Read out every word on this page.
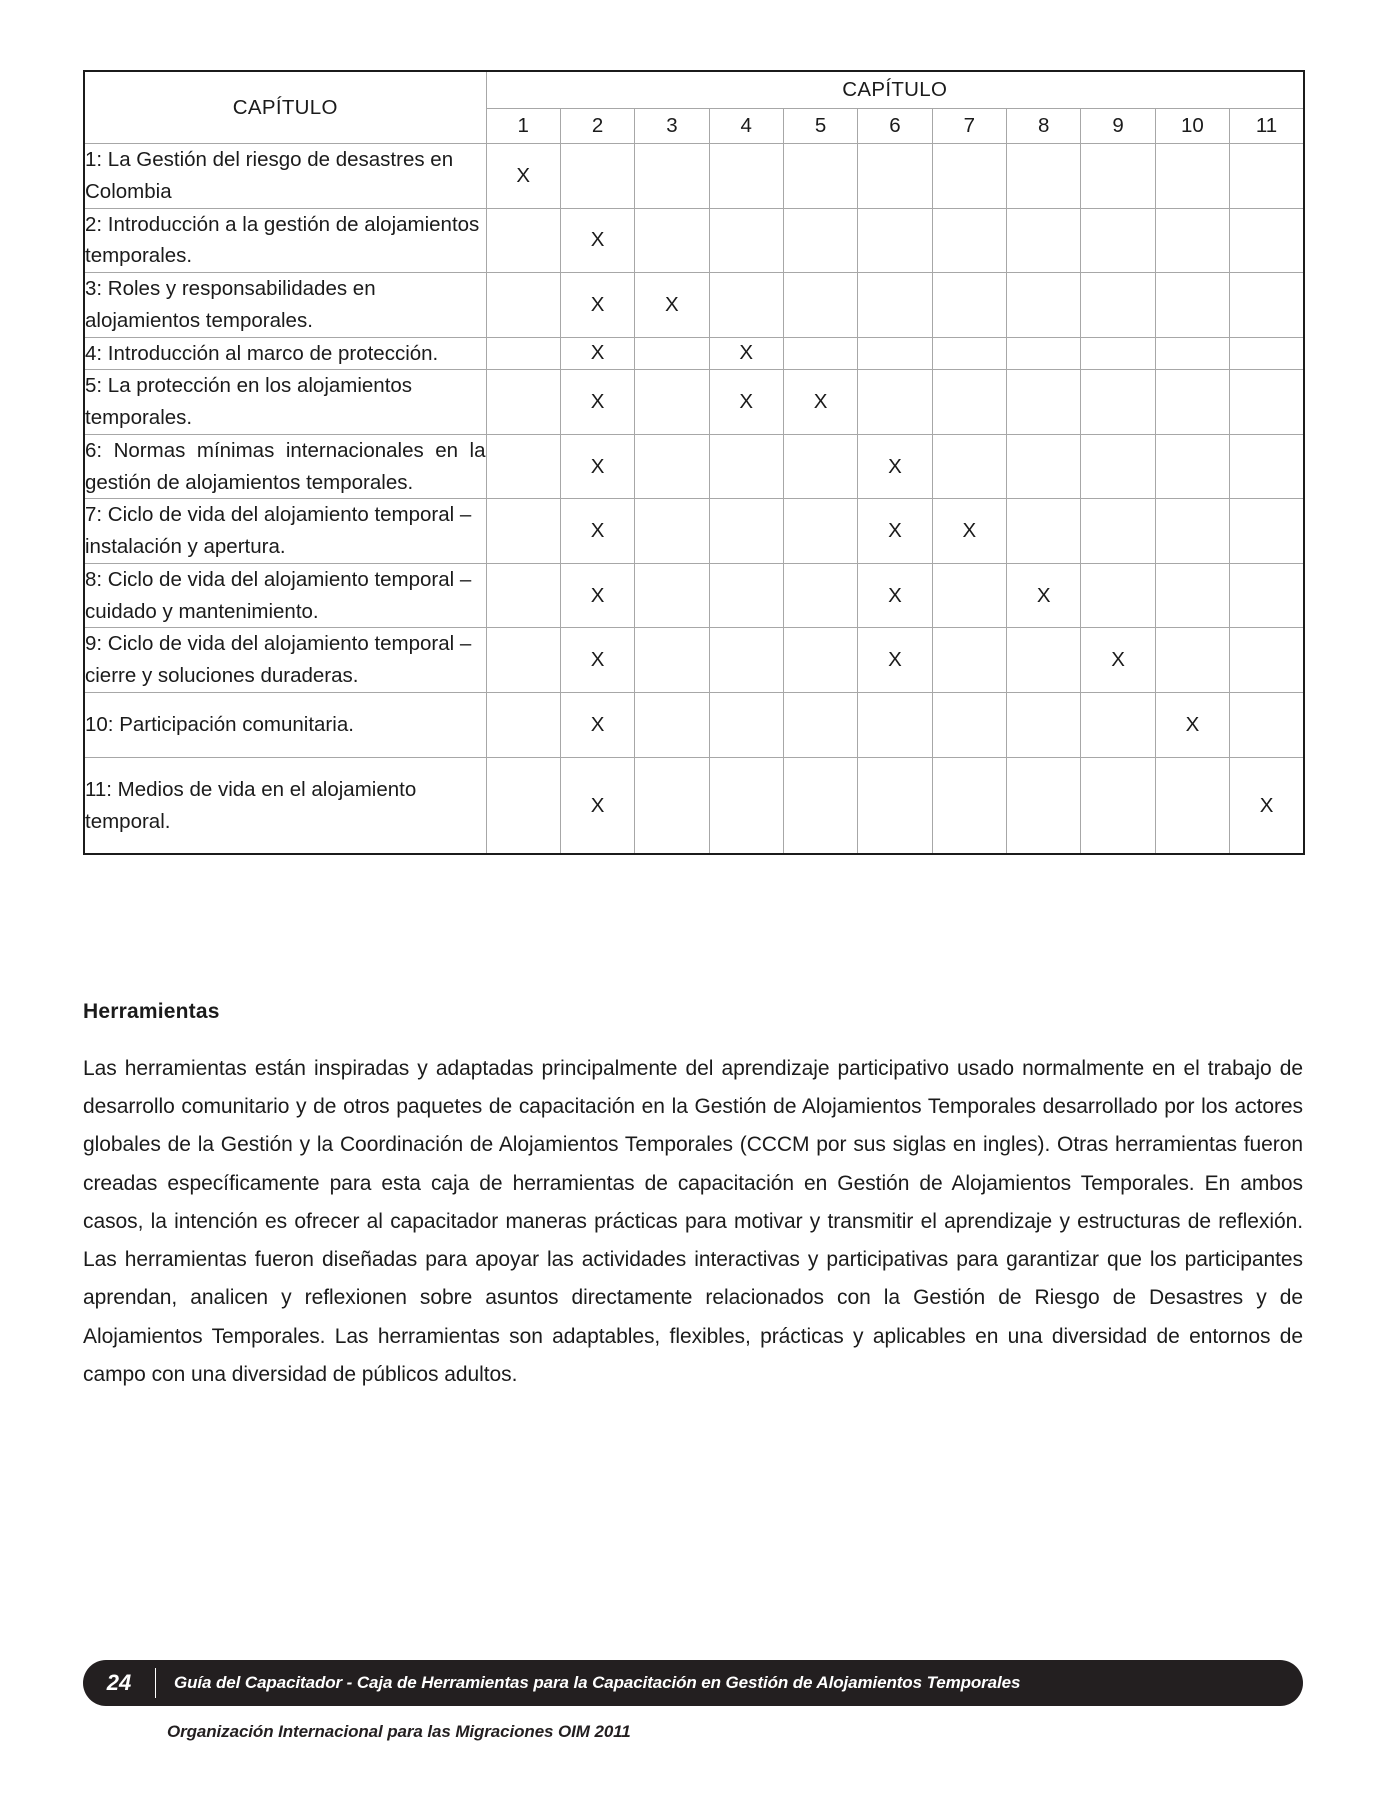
CAPÍTULO	CAPÍTULO										
	1	2	3	4	5	6	7	8	9	10	11
1: La Gestión del riesgo de desastres en Colombia	X										
2: Introducción a la gestión de alojamientos temporales.		X									
3: Roles y responsabilidades en alojamientos temporales.		X	X								
4: Introducción al marco de protección.		X		X							
5: La protección en los alojamientos temporales.		X		X	X						
6: Normas mínimas internacionales en la gestión de alojamientos temporales.		X				X					
7: Ciclo de vida del alojamiento temporal – instalación y apertura.		X				X	X				
8: Ciclo de vida del alojamiento temporal – cuidado y mantenimiento.		X				X		X			
9: Ciclo de vida del alojamiento temporal – cierre y soluciones duraderas.		X				X			X		
10: Participación comunitaria.		X								X	
11: Medios de vida en el alojamiento temporal.		X									X
Herramientas
Las herramientas están inspiradas y adaptadas principalmente del aprendizaje participativo usado normalmente en el trabajo de desarrollo comunitario y de otros paquetes de capacitación en la Gestión de Alojamientos Temporales desarrollado por los actores globales de la Gestión y la Coordinación de Alojamientos Temporales (CCCM por sus siglas en ingles). Otras herramientas fueron creadas específicamente para esta caja de herramientas de capacitación en Gestión de Alojamientos Temporales. En ambos casos, la intención es ofrecer al capacitador maneras prácticas para motivar y transmitir el aprendizaje y estructuras de reflexión. Las herramientas fueron diseñadas para apoyar las actividades interactivas y participativas para garantizar que los participantes aprendan, analicen y reflexionen sobre asuntos directamente relacionados con la Gestión de Riesgo de Desastres y de Alojamientos Temporales. Las herramientas son adaptables, flexibles, prácticas y aplicables en una diversidad de entornos de campo con una diversidad de públicos adultos.
24	Guía del Capacitador - Caja de Herramientas para la Capacitación en Gestión de Alojamientos Temporales
Organización Internacional para las Migraciones OIM 2011
